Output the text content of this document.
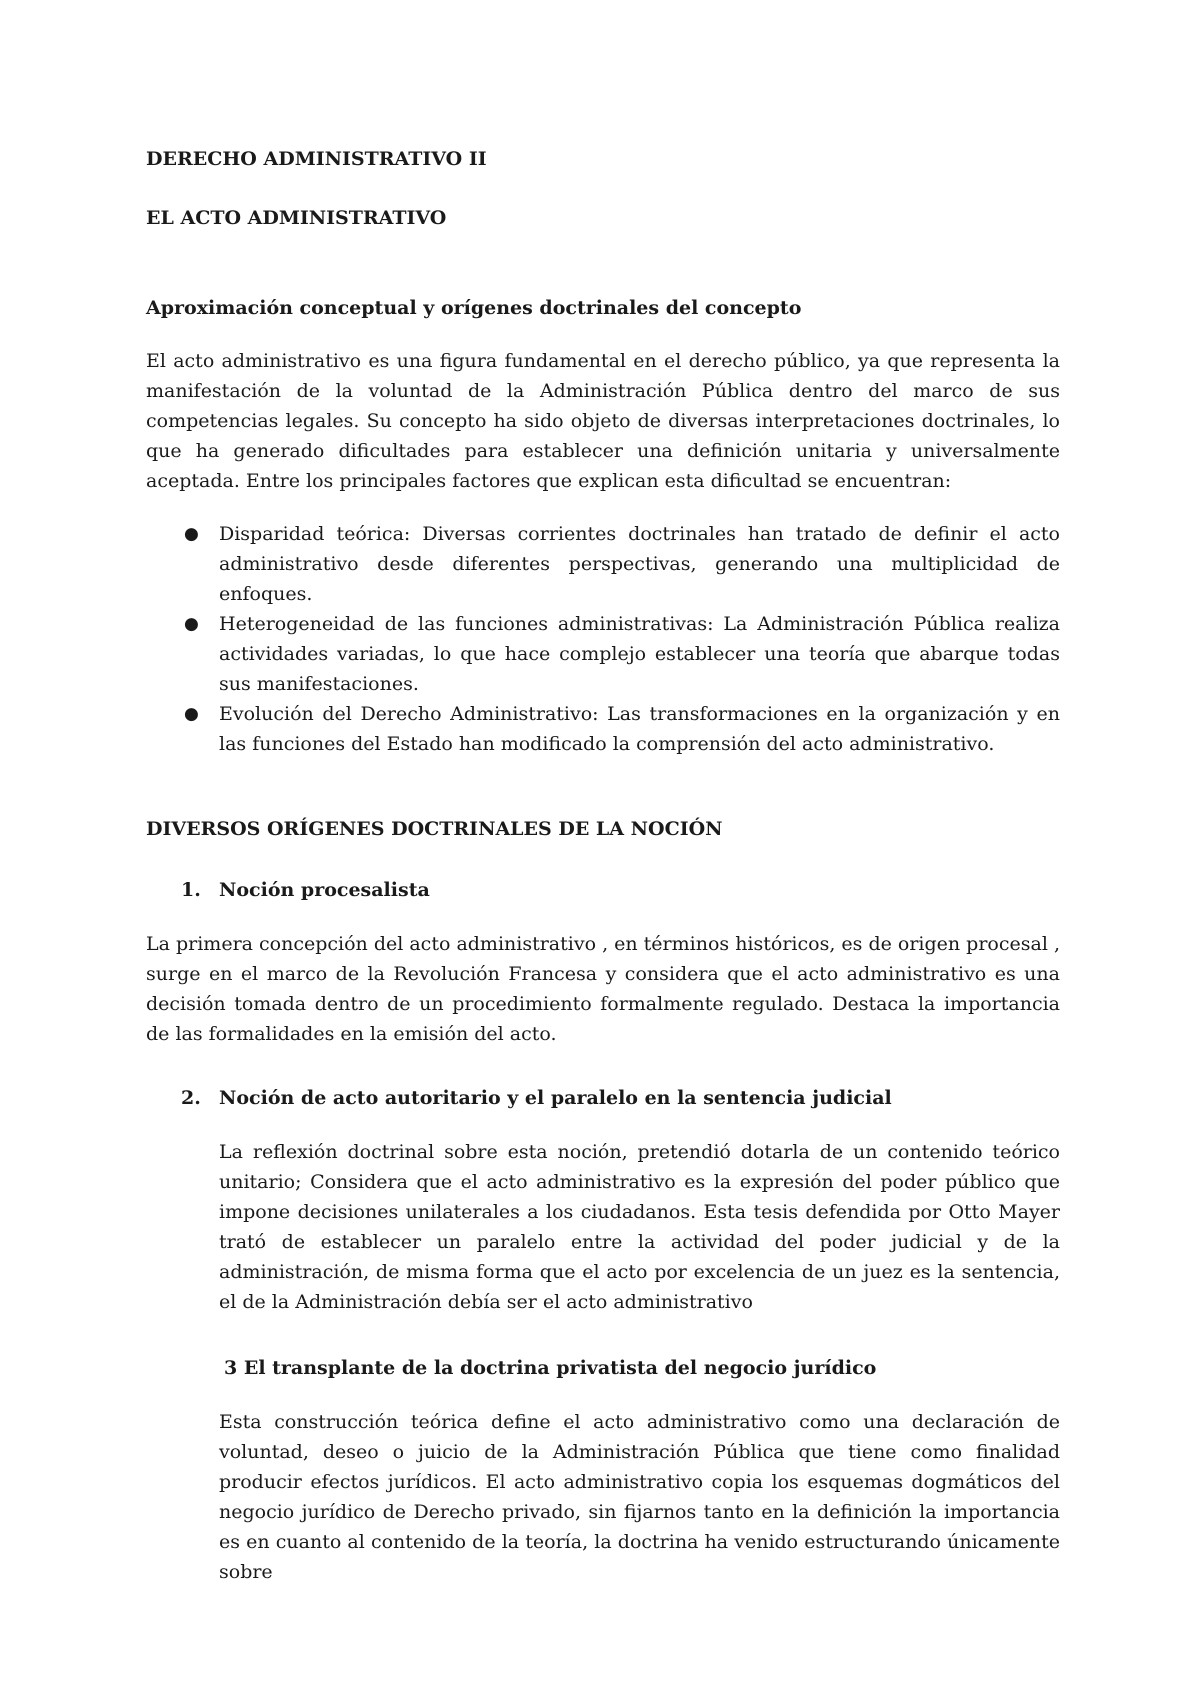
DERECHO ADMINISTRATIVO II
EL ACTO ADMINISTRATIVO
Aproximación conceptual y orígenes doctrinales del concepto

El acto administrativo es una figura fundamental en el derecho público, ya que representa la manifestación de la voluntad de la Administración Pública dentro del marco de sus competencias legales. Su concepto ha sido objeto de diversas interpretaciones doctrinales, lo que ha generado dificultades para establecer una definición unitaria y universalmente aceptada. Entre los principales factores que explican esta dificultad se encuentran:

● Disparidad teórica: Diversas corrientes doctrinales han tratado de definir el acto administrativo desde diferentes perspectivas, generando una multiplicidad de enfoques.
● Heterogeneidad de las funciones administrativas: La Administración Pública realiza actividades variadas, lo que hace complejo establecer una teoría que abarque todas sus manifestaciones.
● Evolución del Derecho Administrativo: Las transformaciones en la organización y en las funciones del Estado han modificado la comprensión del acto administrativo.
DIVERSOS ORÍGENES DOCTRINALES DE LA NOCIÓN
1. Noción procesalista

La primera concepción del acto administrativo , en términos históricos, es de origen procesal , surge en el marco de la Revolución Francesa y considera que el acto administrativo es una decisión tomada dentro de un procedimiento formalmente regulado. Destaca la importancia de las formalidades en la emisión del acto.

2. Noción de acto autoritario y el paralelo en la sentencia judicial

La reflexión doctrinal sobre esta noción, pretendió dotarla de un contenido teórico unitario; Considera que el acto administrativo es la expresión del poder público que impone decisiones unilaterales a los ciudadanos. Esta tesis defendida por Otto Mayer trató de establecer un paralelo entre la actividad del poder judicial y de la administración, de misma forma que el acto por excelencia de un juez es la sentencia, el de la Administración debía ser el acto administrativo

3 El transplante de la doctrina privatista del negocio jurídico

Esta construcción teórica define el acto administrativo como una declaración de voluntad, deseo o juicio de la Administración Pública que tiene como finalidad producir efectos jurídicos. El acto administrativo copia los esquemas dogmáticos del negocio jurídico de Derecho privado, sin fijarnos tanto en la definición la importancia es en cuanto al contenido de la teoría, la doctrina ha venido estructurando únicamente sobre
